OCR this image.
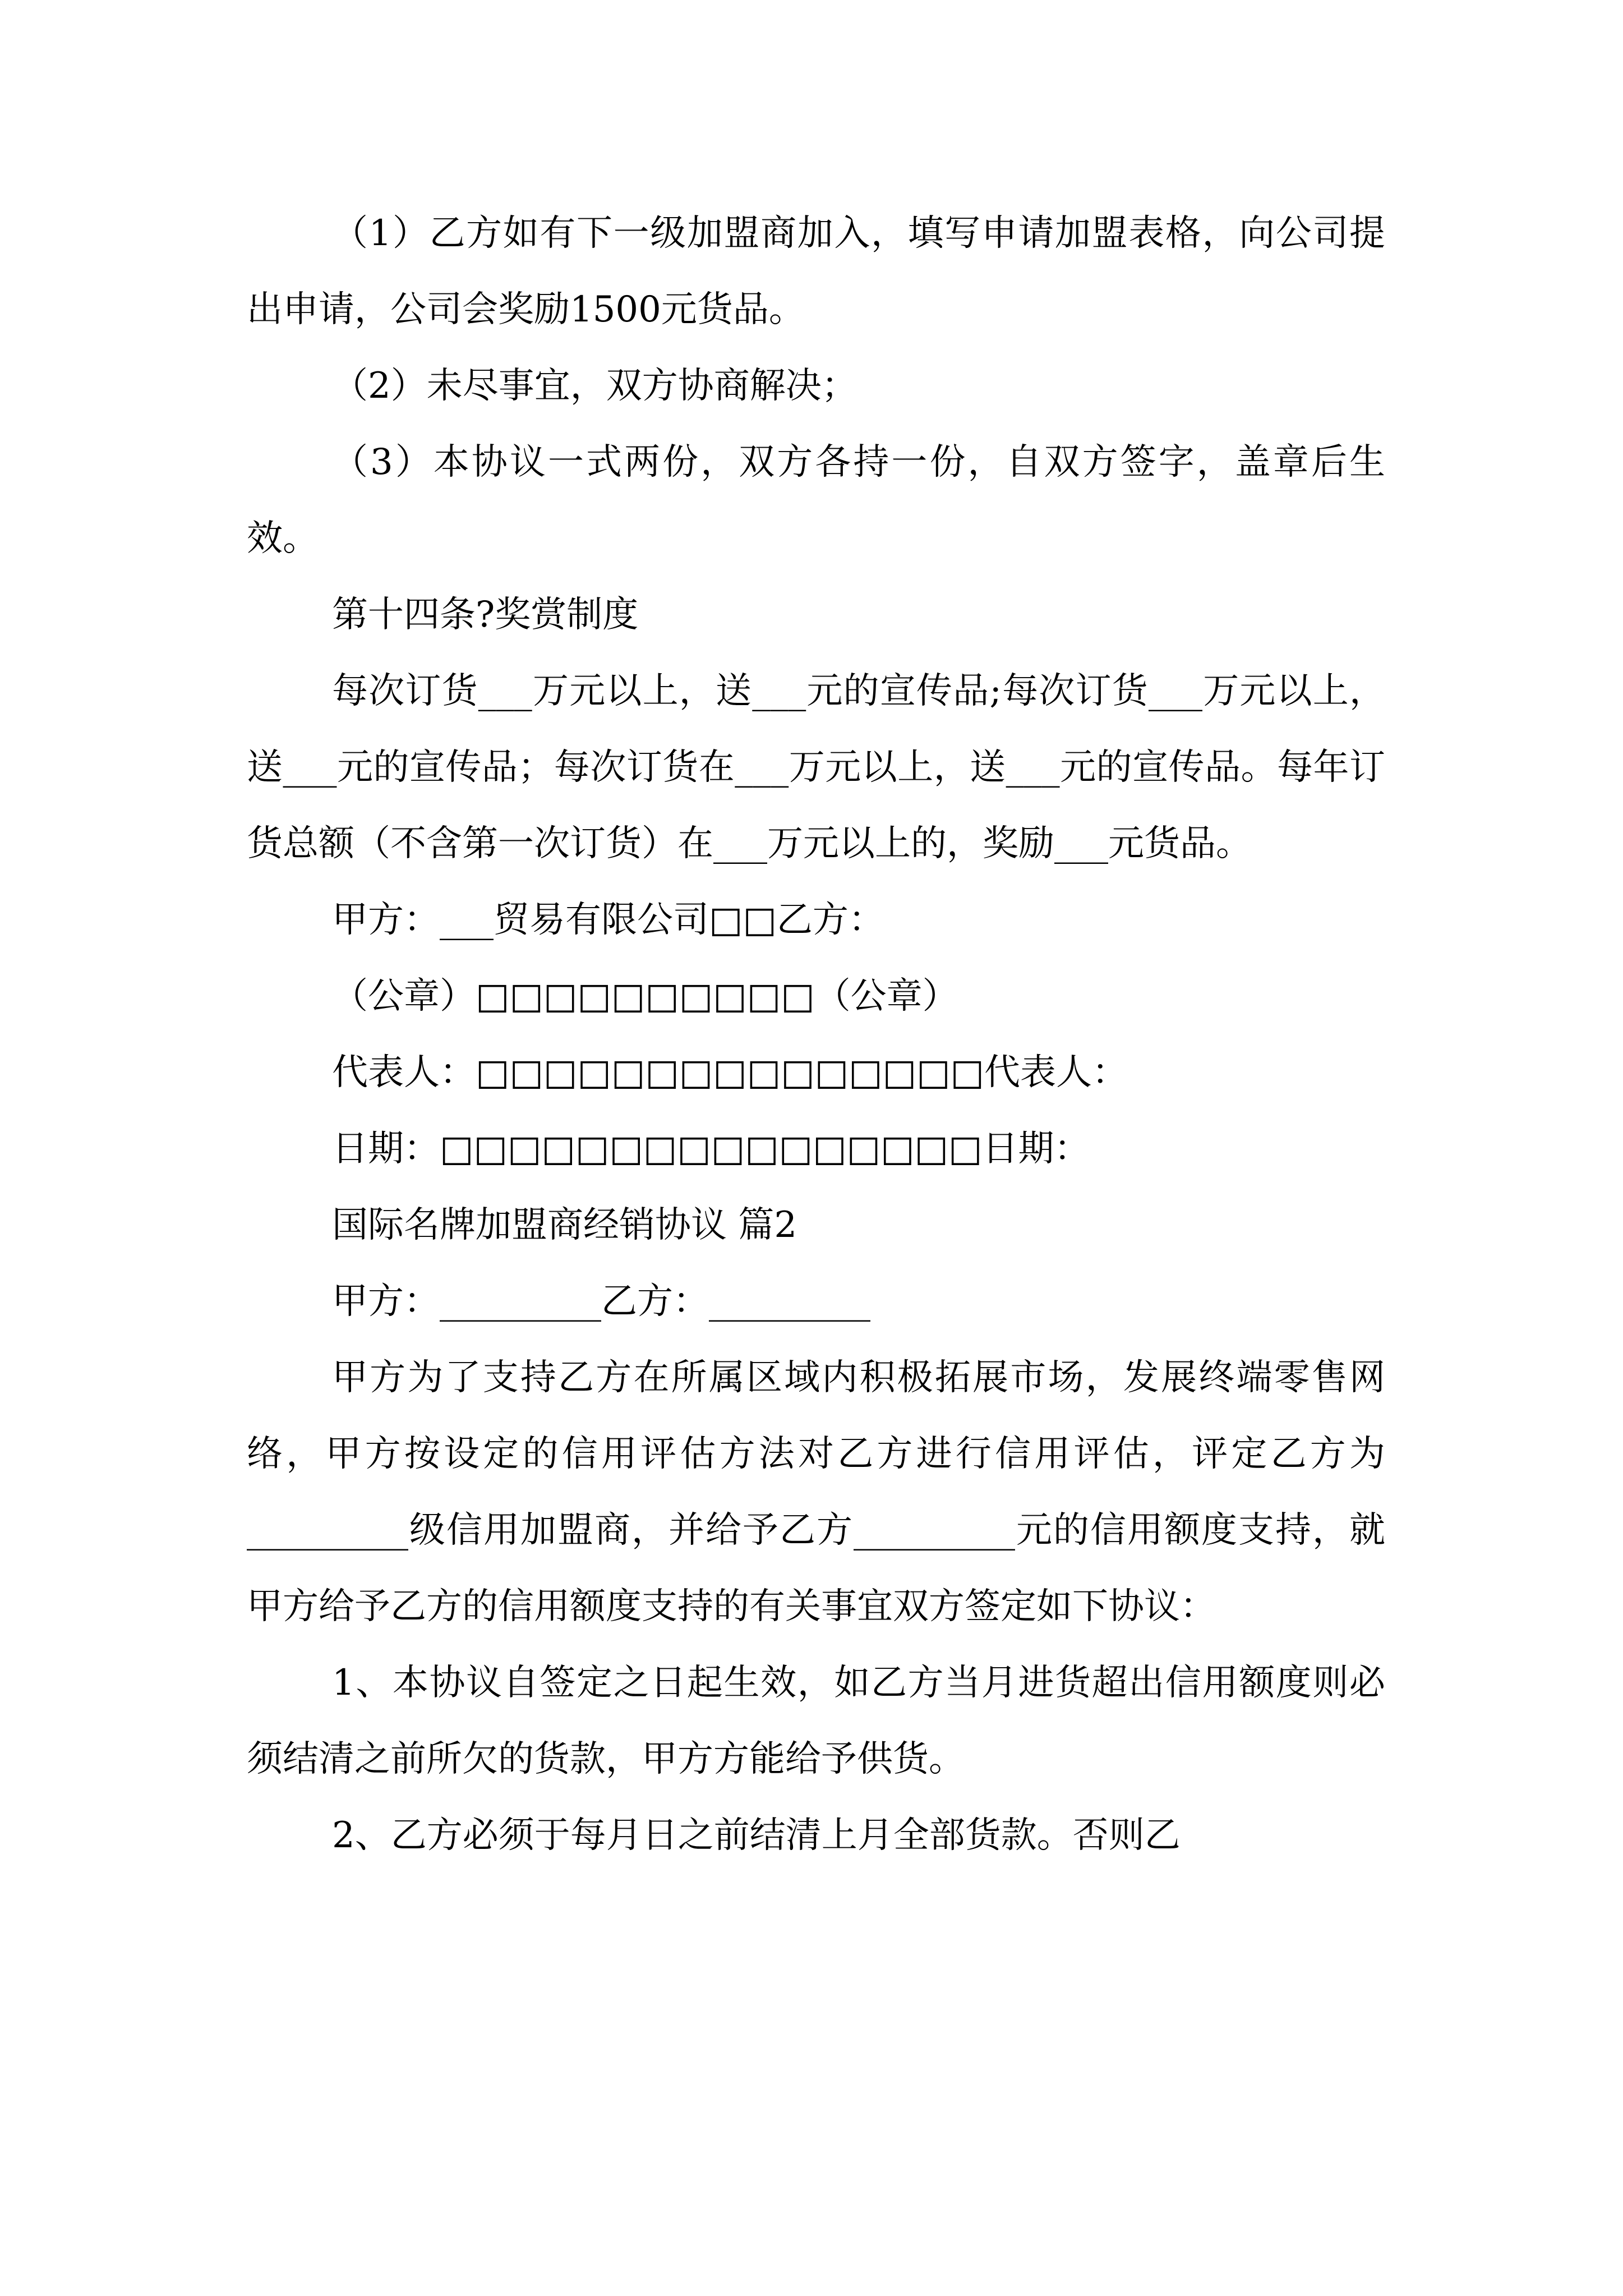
（1）乙方如有下一级加盟商加入，填写申请加盟表格，向公司提出申请，公司会奖励1500元货品。

（2）未尽事宜，双方协商解决；

（3）本协议一式两份，双方各持一份，自双方签字，盖章后生效。

第十四条?奖赏制度

每次订货___万元以上，送___元的宣传品;每次订货___万元以上，送___元的宣传品；每次订货在___万元以上，送___元的宣传品。每年订货总额（不含第一次订货）在___万元以上的，奖励___元货品。

甲方：___贸易有限公司□□乙方：

（公章）□□□□□□□□□□（公章）

代表人：□□□□□□□□□□□□□□□代表人：

日期：□□□□□□□□□□□□□□□□日期：

国际名牌加盟商经销协议 篇2

甲方：_________乙方：_________

甲方为了支持乙方在所属区域内积极拓展市场，发展终端零售网络，甲方按设定的信用评估方法对乙方进行信用评估，评定乙方为_________级信用加盟商，并给予乙方_________元的信用额度支持，就甲方给予乙方的信用额度支持的有关事宜双方签定如下协议：

1、本协议自签定之日起生效，如乙方当月进货超出信用额度则必须结清之前所欠的货款，甲方方能给予供货。

2、乙方必须于每月日之前结清上月全部货款。否则乙
